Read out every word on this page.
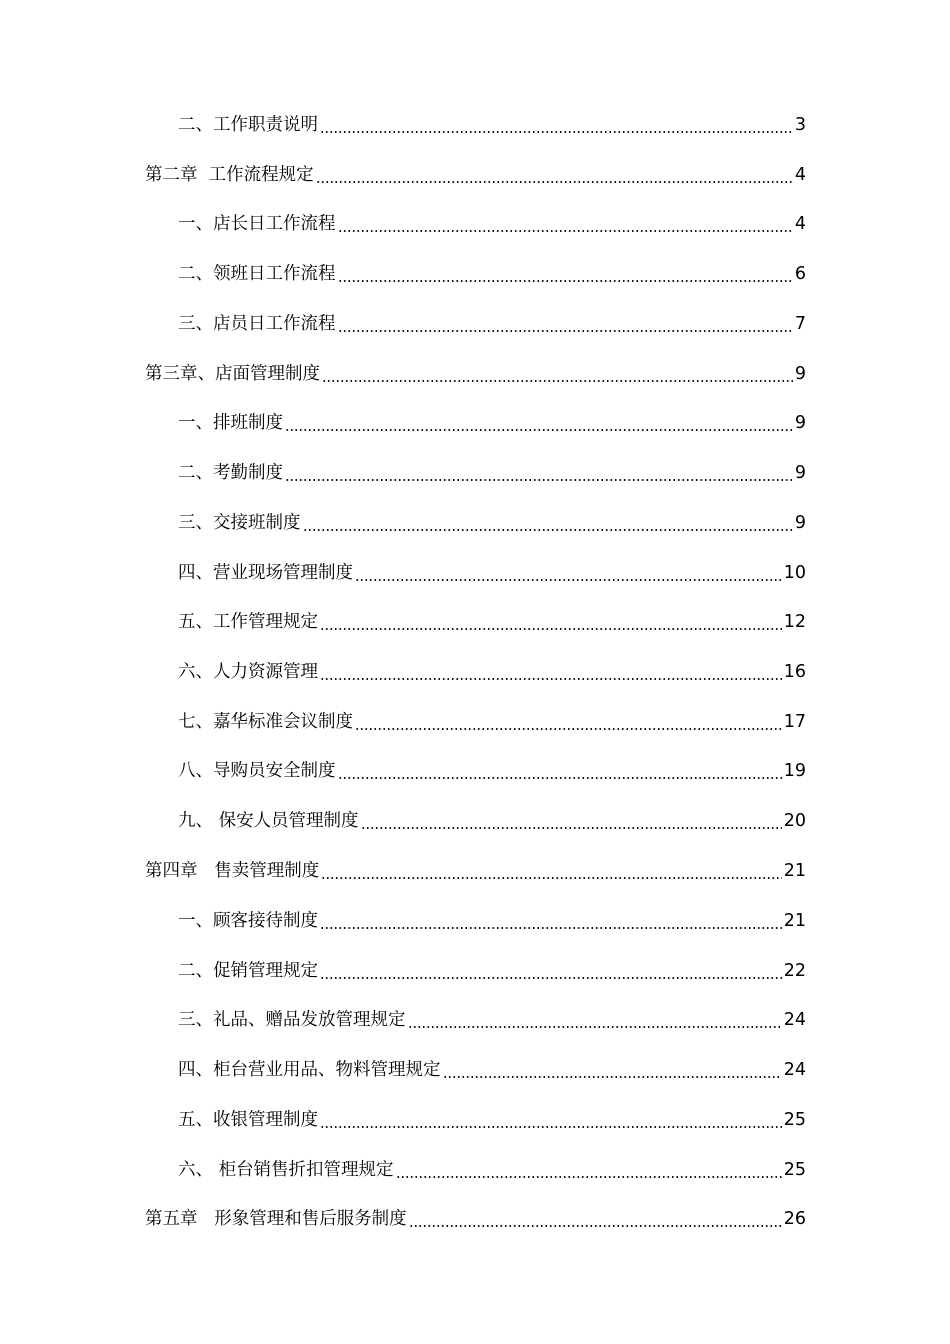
二、工作职责说明	3
第二章  工作流程规定	4
一、店长日工作流程	4
二、领班日工作流程	6
三、店员日工作流程	7
第三章、店面管理制度	9
一、排班制度	9
二、考勤制度	9
三、交接班制度	9
四、营业现场管理制度	10
五、工作管理规定	12
六、人力资源管理	16
七、嘉华标准会议制度	17
八、导购员安全制度	19
九、 保安人员管理制度	20
第四章   售卖管理制度	21
一、顾客接待制度	21
二、促销管理规定	22
三、礼品、赠品发放管理规定	24
四、柜台营业用品、物料管理规定	24
五、收银管理制度	25
六、 柜台销售折扣管理规定	25
第五章   形象管理和售后服务制度	26
